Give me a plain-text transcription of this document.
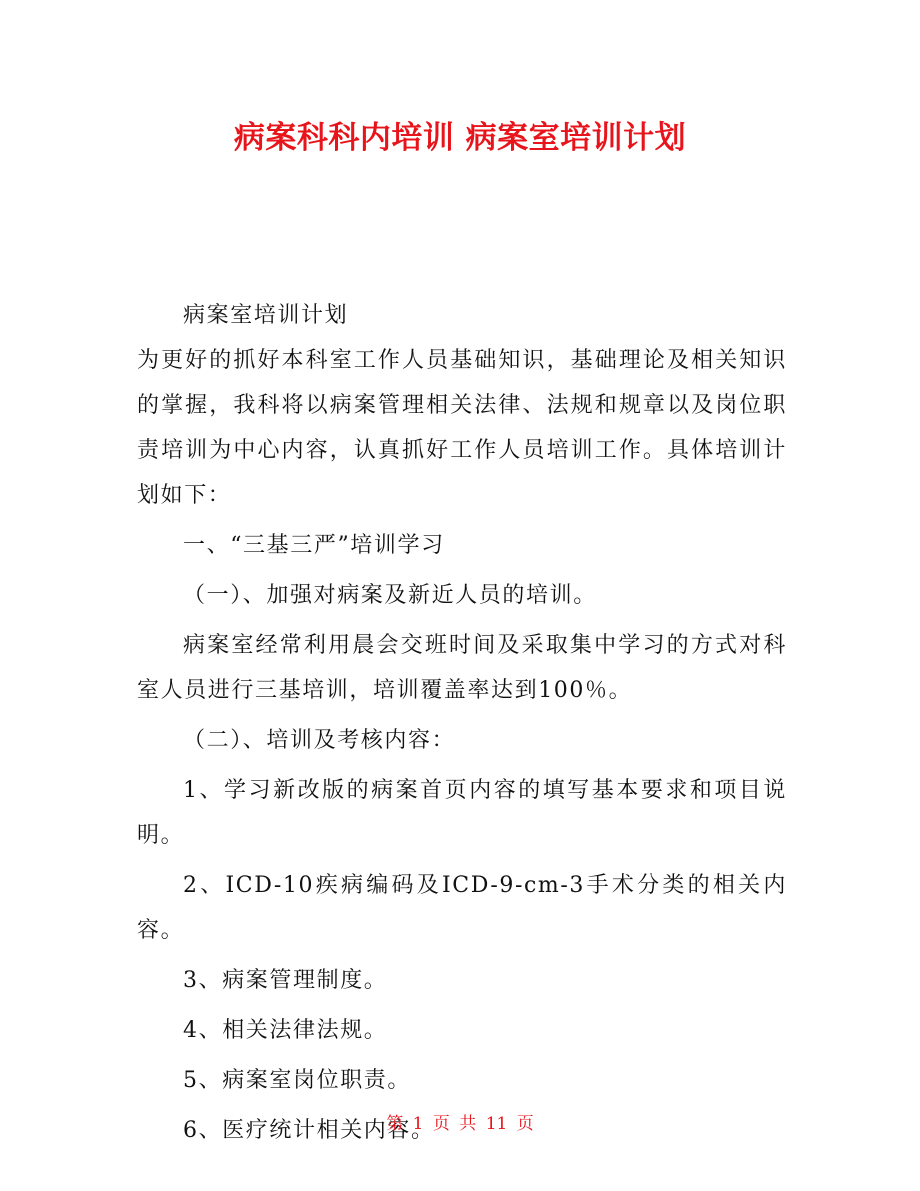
病案科科内培训 病案室培训计划

病案室培训计划

为更好的抓好本科室工作人员基础知识，基础理论及相关知识的掌握，我科将以病案管理相关法律、法规和规章以及岗位职责培训为中心内容，认真抓好工作人员培训工作。具体培训计划如下：

一、“三基三严”培训学习

（一）、加强对病案及新近人员的培训。

病案室经常利用晨会交班时间及采取集中学习的方式对科室人员进行三基培训，培训覆盖率达到100％。

（二）、培训及考核内容：

1、学习新改版的病案首页内容的填写基本要求和项目说明。

2、ICD-10疾病编码及ICD-9-cm-3手术分类的相关内容。

3、病案管理制度。

4、相关法律法规。

5、病案室岗位职责。

6、医疗统计相关内容。

第 1 页 共 11 页
